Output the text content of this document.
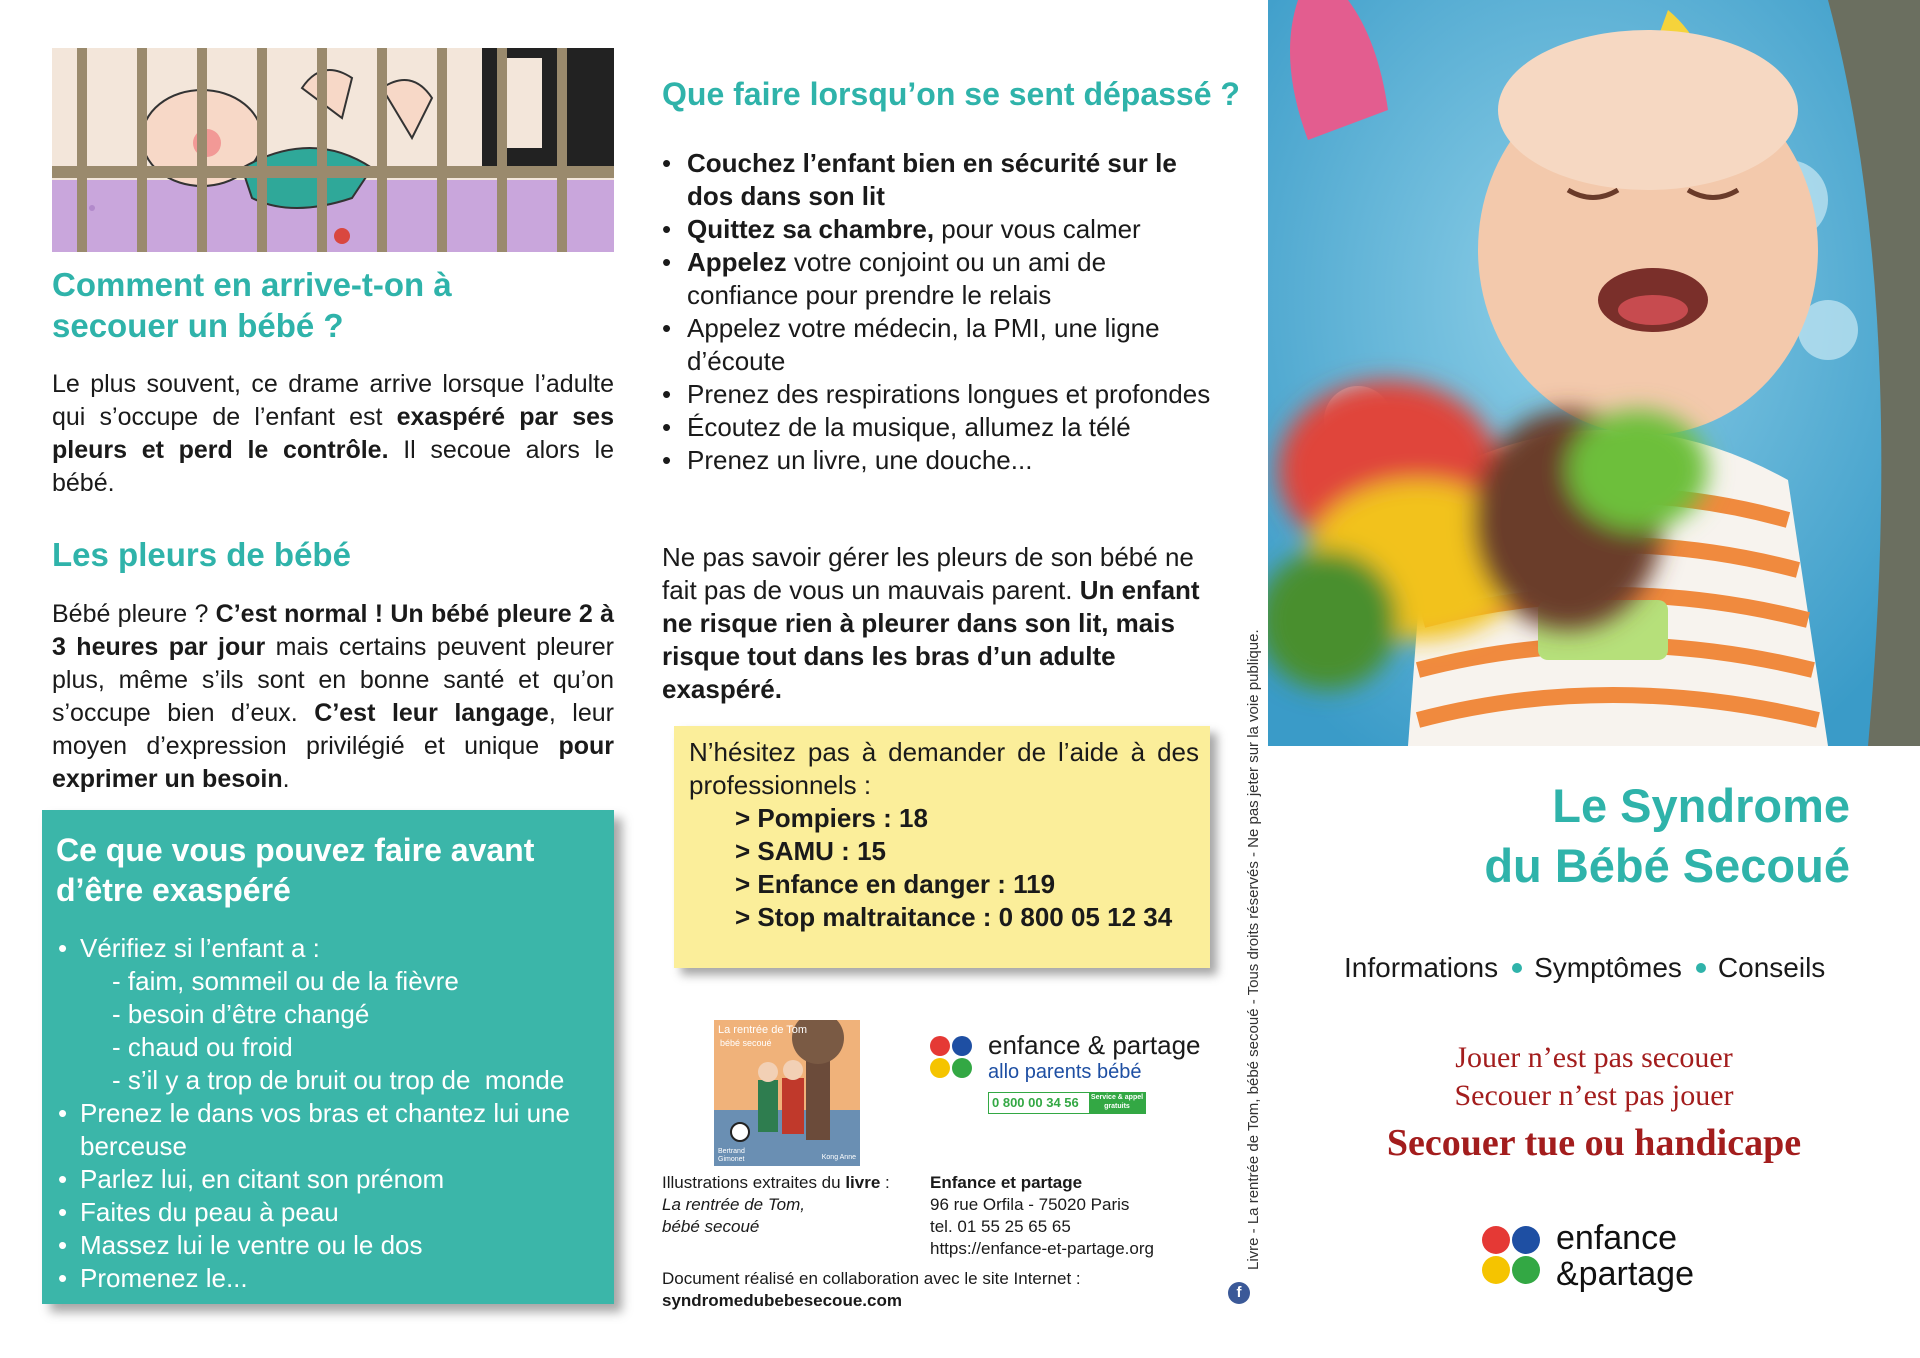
Comment en arrive-t-on à secouer un bébé ?
Le plus souvent, ce drame arrive lorsque l’adulte qui s’occupe de l’enfant est exaspéré par ses pleurs et perd le contrôle. Il secoue alors le bébé.
Les pleurs de bébé
Bébé pleure ? C’est normal ! Un bébé pleure 2 à 3 heures par jour mais certains peuvent pleurer plus, même s’ils sont en bonne santé et qu’on s’occupe bien d’eux. C’est leur langage, leur moyen d’expression privilégié et unique pour exprimer un besoin.
Ce que vous pouvez faire avant d’être exaspéré
• Vérifiez si l’enfant a :
- faim, sommeil ou de la fièvre
- besoin d’être changé
- chaud ou froid
- s’il y a trop de bruit ou trop de  monde
• Prenez le dans vos bras et chantez lui une berceuse
• Parlez lui, en citant son prénom
• Faites du peau à peau
• Massez lui le ventre ou le dos
• Promenez le...
Que faire lorsqu’on se sent dépassé ?
• Couchez l’enfant bien en sécurité sur le dos dans son lit
• Quittez sa chambre, pour vous calmer
• Appelez votre conjoint ou un ami de confiance pour prendre le relais
• Appelez votre médecin, la PMI, une ligne d’écoute
• Prenez des respirations longues et profondes
• Écoutez de la musique, allumez la télé
• Prenez un livre, une douche...
Ne pas savoir gérer les pleurs de son bébé ne fait pas de vous un mauvais parent. Un enfant ne risque rien à pleurer dans son lit, mais risque tout dans les bras d’un adulte exaspéré.
N’hésitez pas à demander de l’aide à des professionnels :
> Pompiers : 18
> SAMU : 15
> Enfance en danger : 119
> Stop maltraitance : 0 800 05 12 34
La rentrée de Tom
bébé secoué
Bertrand Gimonet	Kong Anne
Illustrations extraites du livre :
La rentrée de Tom,
bébé secoué
enfance & partage
allo parents bébé
0 800 00 34 56 Service & appel gratuits
Enfance et partage
96 rue Orfila - 75020 Paris
tel. 01 55 25 65 65
https://enfance-et-partage.org
Document réalisé en collaboration avec le site Internet :
syndromedubebesecoue.com
Livre - La rentrée de Tom, bébé secoué - Tous droits réservés - Ne pas jeter sur la voie publique.
f
Le Syndrome
du Bébé Secoué
Informations Symptômes Conseils
Jouer n’est pas secouer
Secouer n’est pas jouer
Secouer tue ou handicape
enfance
&partage
